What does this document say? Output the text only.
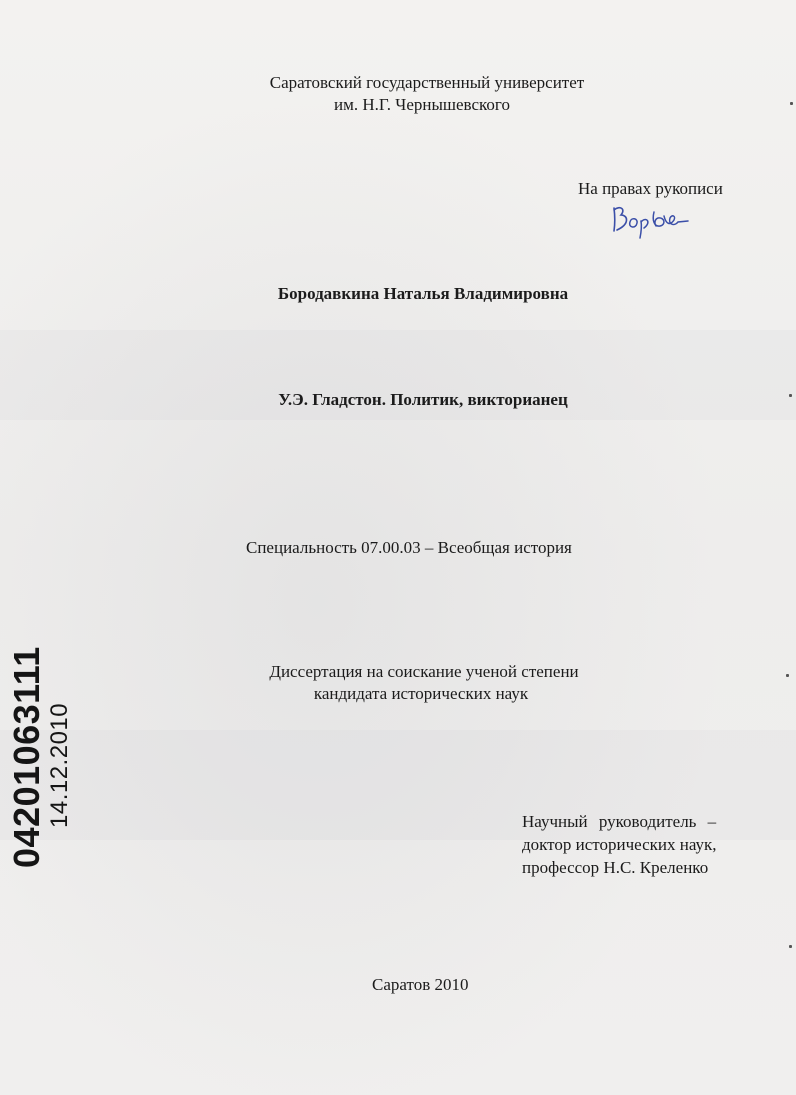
Саратовский государственный университет
им. Н.Г. Чернышевского
На правах рукописи
Бородавкина Наталья Владимировна
У.Э. Гладстон. Политик, викторианец
Специальность 07.00.03 – Всеобщая история
Диссертация на соискание ученой степени
кандидата исторических наук
Научный руководитель –
доктор исторических наук,
профессор Н.С. Креленко
Саратов 2010
04201063111 14.12.2010
